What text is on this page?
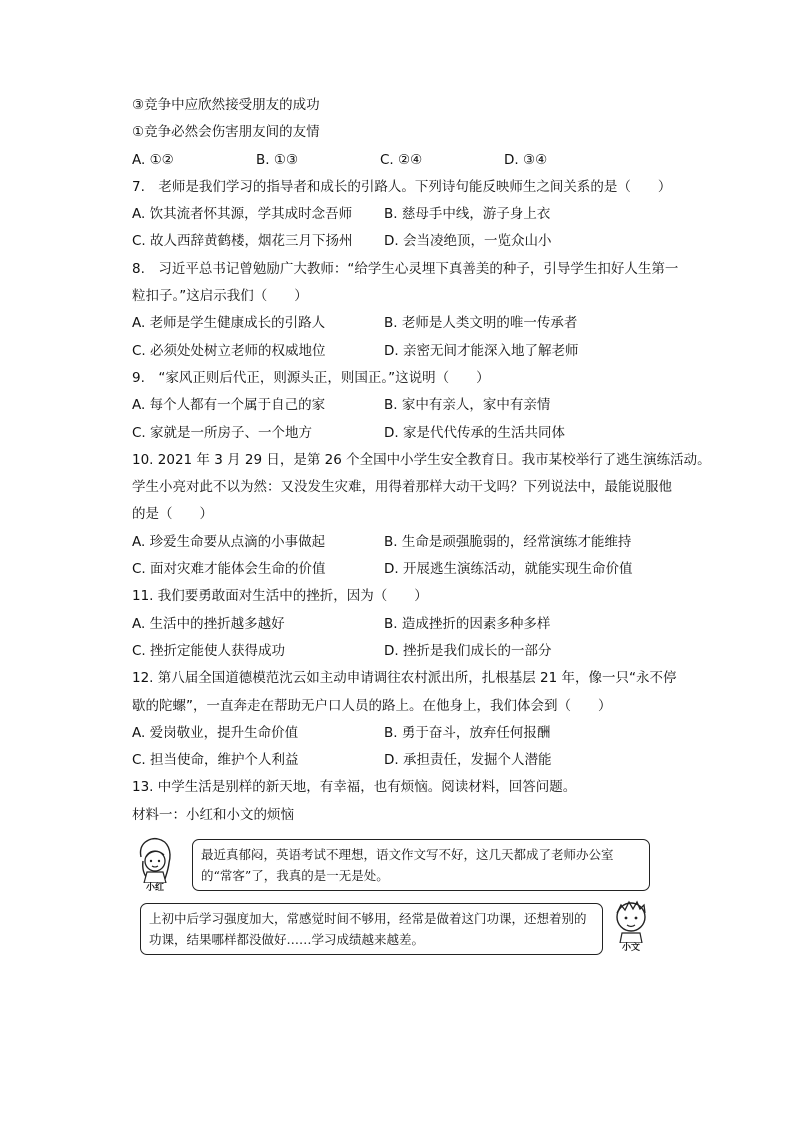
③竞争中应欣然接受朋友的成功
①竞争必然会伤害朋友间的友情
A. ①②	B. ①③	C. ②④	D. ③④
7.　老师是我们学习的指导者和成长的引路人。下列诗句能反映师生之间关系的是（　　）
A. 饮其流者怀其源，学其成时念吾师 B. 慈母手中线，游子身上衣
C. 故人西辞黄鹤楼，烟花三月下扬州 D. 会当凌绝顶，一览众山小
8.　习近平总书记曾勉励广大教师：“给学生心灵埋下真善美的种子，引导学生扣好人生第一
粒扣子。”这启示我们（　　）
A. 老师是学生健康成长的引路人	B. 老师是人类文明的唯一传承者
C. 必须处处树立老师的权威地位	D. 亲密无间才能深入地了解老师
9.　“家风正则后代正，则源头正，则国正。”这说明（　　）
A. 每个人都有一个属于自己的家	B. 家中有亲人，家中有亲情
C. 家就是一所房子、一个地方	D. 家是代代传承的生活共同体
10. 2021 年 3 月 29 日，是第 26 个全国中小学生安全教育日。我市某校举行了逃生演练活动。
学生小亮对此不以为然：又没发生灾难，用得着那样大动干戈吗？下列说法中，最能说服他
的是（　　）
A. 珍爱生命要从点滴的小事做起	B. 生命是顽强脆弱的，经常演练才能维持
C. 面对灾难才能体会生命的价值	D. 开展逃生演练活动，就能实现生命价值
11. 我们要勇敢面对生活中的挫折，因为（　　）
A. 生活中的挫折越多越好	B. 造成挫折的因素多种多样
C. 挫折定能使人获得成功	D. 挫折是我们成长的一部分
12. 第八届全国道德模范沈云如主动申请调往农村派出所，扎根基层 21 年，像一只“永不停
歇的陀螺”，一直奔走在帮助无户口人员的路上。在他身上，我们体会到（　　）
A. 爱岗敬业，提升生命价值	B. 勇于奋斗，放弃任何报酬
C. 担当使命，维护个人利益	D. 承担责任，发掘个人潜能
13. 中学生活是别样的新天地，有幸福，也有烦恼。阅读材料，回答问题。
材料一：小红和小文的烦恼
小红
最近真郁闷，英语考试不理想，语文作文写不好，这几天都成了老师办公室的“常客”了，我真的是一无是处。
上初中后学习强度加大，常感觉时间不够用，经常是做着这门功课，还想着别的功课，结果哪样都没做好……学习成绩越来越差。
小文
